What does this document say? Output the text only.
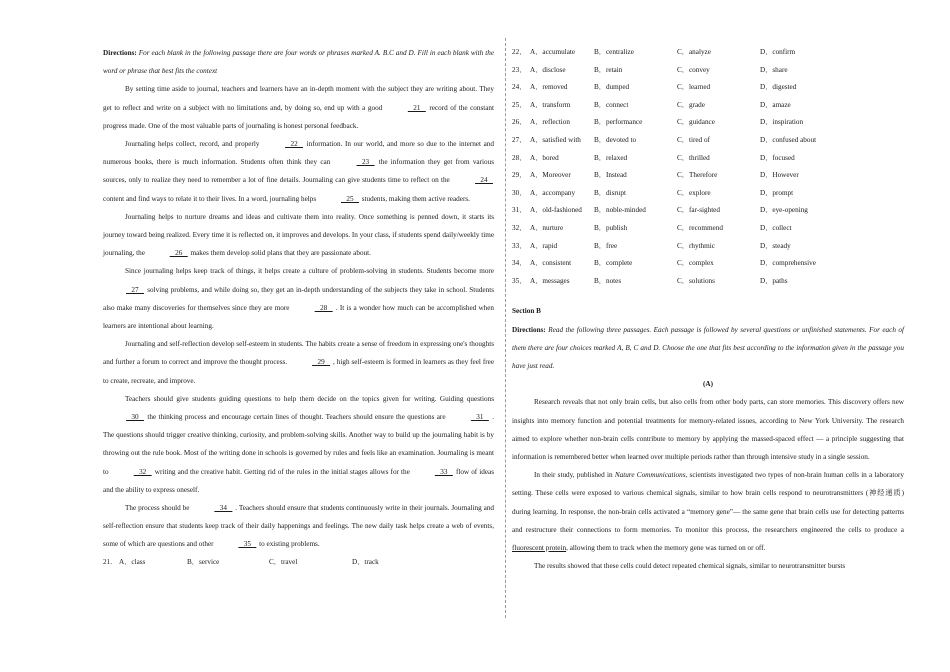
Directions: For each blank in the following passage there are four words or phrases marked A. B.C and D. Fill in each blank with the word or phrase that best fits the context

By setting time aside to journal, teachers and learners have an in-depth moment with the subject they are writing about. They get to reflect and write on a subject with no limitations and, by doing so, end up with a good	21    record of the constant progress made. One of the most valuable parts of journaling is honest personal feedback.

Journaling helps collect, record, and properly	22    information. In our world, and more so due to the internet and numerous books, there is much information. Students often think they can	23    the information they get from various sources, only to realize they need to remember a lot of fine details. Journaling can give students time to reflect on the	24    content and find ways to relate it to their lives. In a word, journaling helps	25    students, making them active readers.

Journaling helps to nurture dreams and ideas and cultivate them into reality. Once something is penned down, it starts its journey toward being realized. Every time it is reflected on, it improves and develops. In your class, if students spend daily/weekly time journaling, the	26    makes them develop solid plans that they are passionate about.

Since journaling helps keep track of things, it helps create a culture of problem-solving in students. Students become more    27    solving problems, and while doing so, they get an in-depth understanding of the subjects they take in school. Students also make many discoveries for themselves since they are more	28    . It is a wonder how much can be accomplished when learners are intentional about learning.

Journaling and self-reflection develop self-esteem in students. The habits create a sense of freedom in expressing one's thoughts and further a forum to correct and improve the thought process.	29    , high self-esteem is formed in learners as they feel free to create, recreate, and improve.

Teachers should give students guiding questions to help them decide on the topics given for writing. Guiding questions    30    the thinking process and encourage certain lines of thought. Teachers should ensure the questions are	31    . The questions should trigger creative thinking, curiosity, and problem-solving skills. Another way to build up the journaling habit is by throwing out the rule book. Most of the writing done in schools is governed by rules and feels like an examination. Journaling is meant to	32    writing and the creative habit. Getting rid of the rules in the initial stages allows for the	33    flow of ideas and the ability to express oneself.

The process should be	34    . Teachers should ensure that students continuously write in their journals. Journaling and self-reflection ensure that students keep track of their daily happenings and feelings. The new daily task helps create a web of events, some of which are questions and other	35    to existing problems.

21. A．class	B．service	C．travel	D．track
22． A．accumulate	B．centralize	C．analyze	D．confirm
23． A．disclose	B．retain	C．convey	D．share
24． A．removed	B．dumped	C．learned	D．digested
25． A．transform	B．connect	C．grade	D．amaze
26． A．reflection	B．performance	C．guidance	D．inspiration
27． A．satisfied with	B．devoted to	C．tired of	D．confused about
28． A．bored	B．relaxed	C．thrilled	D．focused
29． A．Moreover	B．Instead	C．Therefore	D．However
30． A．accompany	B．disrupt	C．explore	D．prompt
31． A．old-fashioned	B．noble-minded	C．far-sighted	D．eye-opening
32． A．nurture	B．publish	C．recommend	D．collect
33． A．rapid	B．free	C．rhythmic	D．steady
34． A．consistent	B．complete	C．complex	D．comprehensive
35． A．messages	B．notes	C．solutions	D．paths

Section B

Directions: Read the following three passages. Each passage is followed by several questions or unfinished statements. For each of them there are four choices marked A, B, C and D. Choose the one that fits best according to the information given in the passage you have just read.

(A)

Research reveals that not only brain cells, but also cells from other body parts, can store memories. This discovery offers new insights into memory function and potential treatments for memory-related issues, according to New York University. The research aimed to explore whether non-brain cells contribute to memory by applying the massed-spaced effect — a principle suggesting that information is remembered better when learned over multiple periods rather than through intensive study in a single session.

In their study, published in Nature Communications, scientists investigated two types of non-brain human cells in a laboratory setting. These cells were exposed to various chemical signals, similar to how brain cells respond to neurotransmitters (神经递质) during learning. In response, the non-brain cells activated a “memory gene”— the same gene that brain cells use for detecting patterns and restructure their connections to form memories. To monitor this process, the researchers engineered the cells to produce a fluorescent protein, allowing them to track when the memory gene was turned on or off.

The results showed that these cells could detect repeated chemical signals, similar to neurotransmitter bursts
